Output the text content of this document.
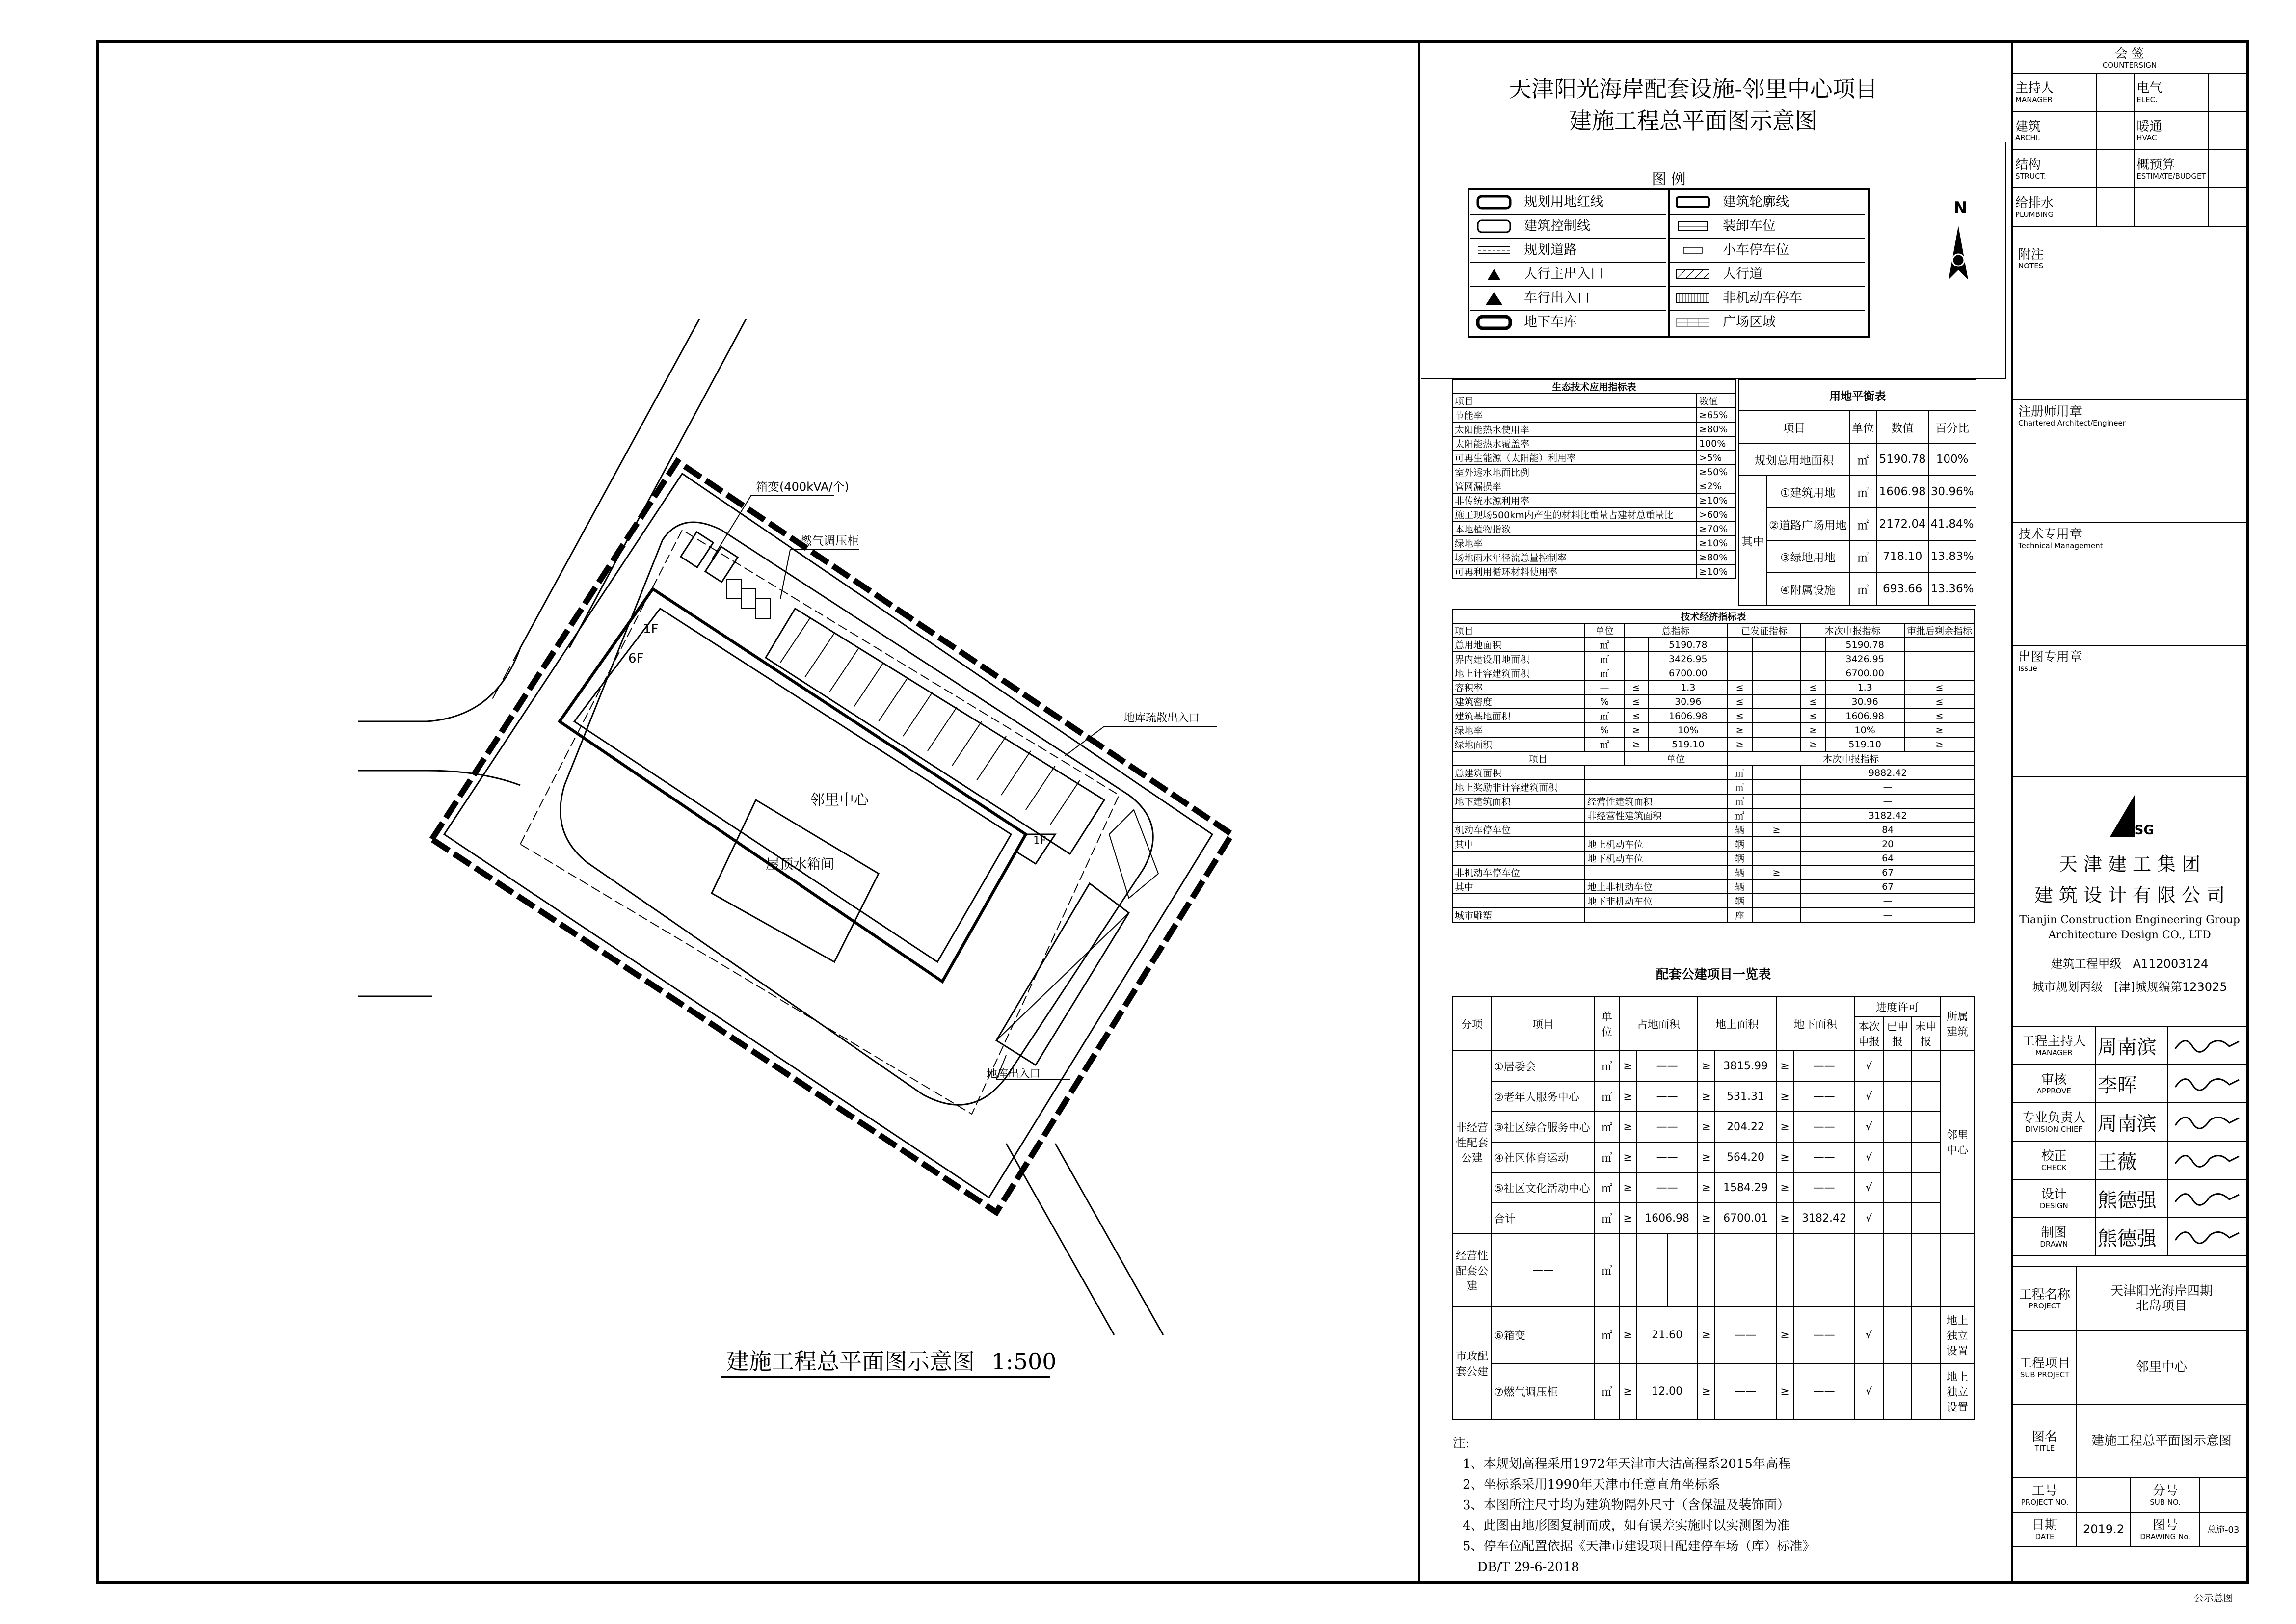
箱变(400kVA/个)
燃气调压柜
邻里中心
屋顶水箱间
1F
6F
1F
地库疏散出入口
地库出入口
建施工程总平面图示意图 1:500
天津阳光海岸配套设施-邻里中心项目
建施工程总平面图示意图
图 例
规划用地红线
建筑控制线
规划道路
人行主出入口
车行出入口
地下车库
建筑轮廓线
装卸车位
小车停车位
人行道
非机动车停车
广场区域
N
生态技术应用指标表	
项目	数值
节能率	≥65%
太阳能热水使用率	≥80%
太阳能热水覆盖率	100%
可再生能源（太阳能）利用率	>5%
室外透水地面比例	≥50%
管网漏损率	≤2%
非传统水源利用率	≥10%
施工现场500km内产生的材料比重量占建材总重量比	>60%
本地植物指数	≥70%
绿地率	≥10%
场地雨水年径流总量控制率	≥80%
可再利用循环材料使用率	≥10%
用地平衡表				
项目		单位	数值	百分比
规划总用地面积		㎡	5190.78	100%
其中	①建筑用地	㎡	1606.98	30.96%
	②道路广场用地	㎡	2172.04	41.84%
	③绿地用地	㎡	718.10	13.83%
	④附属设施	㎡	693.66	13.36%
技术经济指标表								
项目	单位	总指标		已发证指标		本次申报指标		审批后剩余指标
总用地面积	㎡		5190.78				5190.78	
界内建设用地面积	㎡		3426.95				3426.95	
地上计容建筑面积	㎡		6700.00				6700.00	
容积率	—	≤	1.3	≤		≤	1.3	≤
建筑密度	%	≤	30.96	≤		≤	30.96	≤
建筑基地面积	㎡	≤	1606.98	≤		≤	1606.98	≤
绿地率	%	≥	10%	≥		≥	10%	≥
绿地面积	㎡	≥	519.10	≥		≥	519.10	≥
项目		单位		本次申报指标				
总建筑面积				㎡		9882.42		
地上奖励非计容建筑面积				㎡		—		
地下建筑面积	经营性建筑面积			㎡		—		
	非经营性建筑面积			㎡		3182.42		
机动车停车位				辆	≥	84		
其中	地上机动车位			辆		20		
	地下机动车位			辆		64		
非机动车停车位				辆	≥	67		
其中	地上非机动车位			辆		67		
	地下非机动车位			辆		—		
城市雕塑				座		—		
配套公建项目一览表
分项	项目	单位	占地面积			地上面积		地下面积		进度许可			所属建筑
										本次申报	已申报	未申报	
非经营性配套公建	①居委会	㎡	≥	——		≥	3815.99	≥	——	√			邻里中心
	②老年人服务中心	㎡	≥	——		≥	531.31	≥	——	√			
	③社区综合服务中心	㎡	≥	——		≥	204.22	≥	——	√			
	④社区体育运动	㎡	≥	——		≥	564.20	≥	——	√			
	⑤社区文化活动中心	㎡	≥	——		≥	1584.29	≥	——	√			
	合计	㎡	≥	1606.98		≥	6700.01	≥	3182.42	√			
经营性配套公建	——	㎡											
市政配套公建	⑥箱变	㎡	≥	21.60		≥	——	≥	——	√			地上独立设置
	⑦燃气调压柜	㎡	≥	12.00		≥	——	≥	——	√			地上独立设置
注:
1、本规划高程采用1972年天津市大沽高程系2015年高程
2、坐标系采用1990年天津市任意直角坐标系
3、本图所注尺寸均为建筑物隔外尺寸（含保温及装饰面）
4、此图由地形图复制而成，如有误差实施时以实测图为准
5、停车位配置依据《天津市建设项目配建停车场（库）标准》
DB/T 29-6-2018
会 签
COUNTERSIGN			

主持人
MANAGER		电气
ELEC.	

建筑
ARCHI.		暖通
HVAC	

结构
STRUCT.		概预算
ESTIMATE/BUDGET	

给排水
PLUMBING			

附注
NOTES
注册师用章
Chartered Architect/Engineer
技术专用章
Technical Management
出图专用章
Issue
JSG
天 津 建 工 集 团
建 筑 设 计 有 限 公 司
Tianjin Construction Engineering Group
Architecture Design CO., LTD
建筑工程甲级 A112003124
城市规划丙级 [津]城规编第123025
工程主持人
MANAGER	周南滨	

审核
APPROVE	李晖	

专业负责人
DIVISION CHIEF	周南滨	

校正
CHECK	王薇	

设计
DESIGN	熊德强	

制图
DRAWN	熊德强	
工程名称
PROJECT	天津阳光海岸四期
北岛项目

工程项目
SUB PROJECT	邻里中心

图名
TITLE	建施工程总平面图示意图
工号
PROJECT NO.		分号
SUB NO.	

日期
DATE	2019.2	图号
DRAWING No.	总施-03
公示总图
